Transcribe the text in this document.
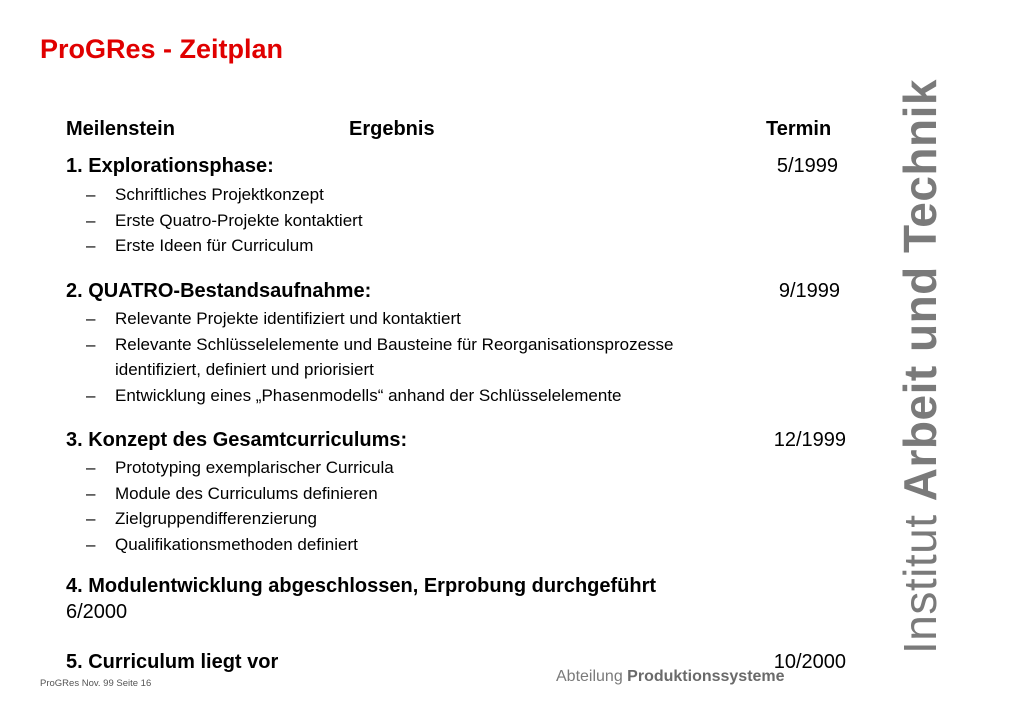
ProGRes - Zeitplan
Meilenstein	Ergebnis	Termin
1. Explorationsphase:	5/1999
– Schriftliches Projektkonzept
– Erste Quatro-Projekte kontaktiert
– Erste Ideen für Curriculum
2. QUATRO-Bestandsaufnahme:	9/1999
– Relevante Projekte identifiziert und kontaktiert
– Relevante Schlüsselelemente und Bausteine für Reorganisationsprozesse
identifiziert, definiert und priorisiert
– Entwicklung eines „Phasenmodells“ anhand der Schlüsselelemente
3. Konzept des Gesamtcurriculums:	12/1999
– Prototyping exemplarischer Curricula
– Module des Curriculums definieren
– Zielgruppendifferenzierung
– Qualifikationsmethoden definiert
4. Modulentwicklung abgeschlossen, Erprobung durchgeführt
6/2000
5. Curriculum liegt vor	10/2000
Institut Arbeit und Technik
ProGRes Nov. 99 Seite 16	Abteilung Produktionssysteme
